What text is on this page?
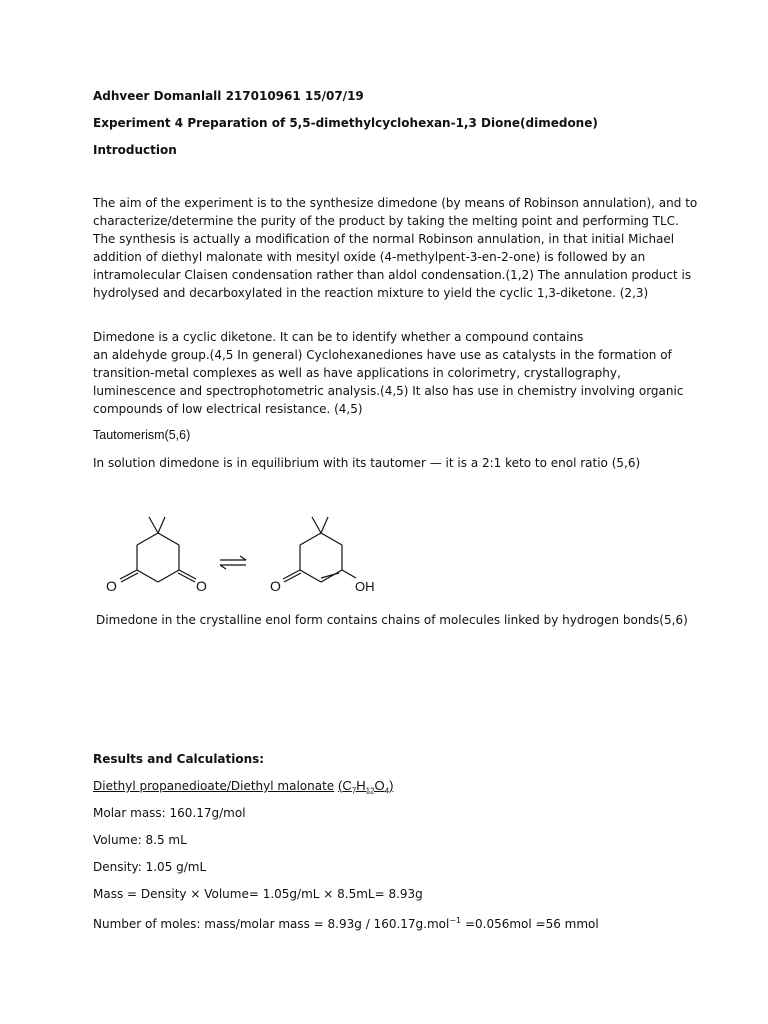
Adhveer Domanlall 217010961 15/07/19

Experiment 4 Preparation of 5,5-dimethylcyclohexan-1,3 Dione(dimedone)

Introduction

The aim of the experiment is to the synthesize dimedone (by means of Robinson annulation), and to
characterize/determine the purity of the product by taking the melting point and performing TLC.
The synthesis is actually a modification of the normal Robinson annulation, in that initial Michael
addition of diethyl malonate with mesityl oxide (4-methylpent-3-en-2-one) is followed by an
intramolecular Claisen condensation rather than aldol condensation.(1,2) The annulation product is
hydrolysed and decarboxylated in the reaction mixture to yield the cyclic 1,3-diketone. (2,3)
Dimedone is a cyclic diketone. It can be to identify whether a compound contains
an aldehyde group.(4,5 In general) Cyclohexanediones have use as catalysts in the formation of
transition-metal complexes as well as have applications in colorimetry, crystallography,
luminescence and spectrophotometric analysis.(4,5) It also has use in chemistry involving organic
compounds of low electrical resistance. (4,5)

Tautomerism(5,6)

In solution dimedone is in equilibrium with its tautomer — it is a 2:1 keto to enol ratio (5,6)

O	O	O	OH

Dimedone in the crystalline enol form contains chains of molecules linked by hydrogen bonds(5,6)

Results and Calculations:

Diethyl propanedioate/Diethyl malonate $(C_7H_{12}O_4)$

Molar mass: 160.17g/mol

Volume: 8.5 mL

Density: 1.05 g/mL

Mass = Density × Volume= 1.05g/mL × 8.5mL= 8.93g

Number of moles: mass/molar mass = 8.93g / 160.17g.mol$^{-1}$ =0.056mol =56 mmol
